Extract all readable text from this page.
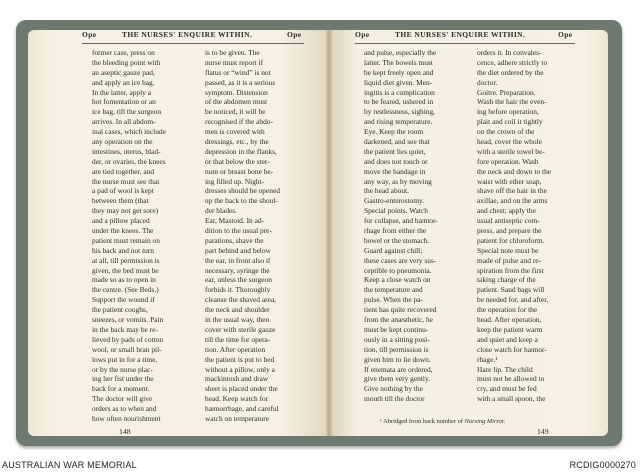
Ope	THE NURSES' ENQUIRE WITHIN.	Ope
former case, press on
the bleeding point with
an aseptic gauze pad,
and apply an ice bag.
In the latter, apply a
hot fomentation or an
ice bag, till the surgeon
arrives. In all abdom-
inal cases, which include
any operation on the
intestines, uterus, blad-
der, or ovaries, the knees
are tied together, and
the nurse must see that
a pad of wool is kept
between them (that
they may not get sore)
and a pillow placed
under the knees. The
patient must remain on
his back and not turn
at all, till permission is
given, the bed must be
made so as to open in
the centre. (See Beds.)
Support the wound if
the patient coughs,
sneezes, or vomits. Pain
in the back may be re-
lieved by pads of cotton
wool, or small bran pil-
lows put in for a time,
or by the nurse plac-
ing her fist under the
back for a moment.
The doctor will give
orders as to when and
how often nourishment
is to be given. The
nurse must report if
flatus or “wind” is not
passed, as it is a serious
symptom. Distension
of the abdomen must
be noticed, it will be
recognised if the abdo-
men is covered with
dressings, etc., by the
depression in the flanks,
or that below the ster-
num or breast bone be-
ing filled up. Night-
dresses should be opened
up the back to the shoul-
der blades.
Ear, Mastoid. In ad-
dition to the usual pre-
parations, shave the
part behind and below
the ear, in front also if
necessary, syringe the
ear, unless the surgeon
forbids it. Thoroughly
cleanse the shaved area,
the neck and shoulder
in the usual way, then
cover with sterile gauze
till the time for opera-
tion. After operation
the patient is put to bed
without a pillow, only a
mackintosh and draw
sheet is placed under the
head. Keep watch for
hæmorrhage, and careful
watch on temperature
148
Ope	THE NURSES' ENQUIRE WITHIN.	Ope
and pulse, especially the
latter. The bowels must
be kept freely open and
liquid diet given. Men-
ingitis is a complication
to be feared, ushered in
by restlessness, sighing,
and rising temperature.
Eye. Keep the room
darkened, and see that
the patient lies quiet,
and does not touch or
move the bandage in
any way, as by moving
the head about.
Gastro-enterostomy.
Special points. Watch
for collapse, and hæmor-
rhage from either the
bowel or the stomach.
Guard against chill;
these cases are very sus-
ceptible to pneumonia.
Keep a close watch on
the temperature and
pulse. When the pa-
tient has quite recovered
from the anæsthetic, he
must be kept continu-
ously in a sitting posi-
tion, till permission is
given him to lie down.
If enemata are ordered,
give them very gently.
Give nothing by the
mouth till the doctor
orders it. In convales-
cence, adhere strictly to
the diet ordered by the
doctor.
Goitre. Preparation.
Wash the hair the even-
ing before operation,
plait and coil it tightly
on the crown of the
head, cover the whole
with a sterile towel be-
fore operation. Wash
the neck and down to the
waist with ether soap,
shave off the hair in the
axillae, and on the arms
and chest; apply the
usual antiseptic com-
press, and prepare the
patient for chloroform.
Special note must be
made of pulse and re-
spiration from the first
taking charge of the
patient. Sand bags will
be needed for, and after,
the operation for the
head. After operation,
keep the patient warm
and quiet and keep a
close watch for hæmor-
rhage.¹
Hare lip. The child
must not be allowed to
cry, and must be fed
with a small spoon, the
¹ Abridged from back number of Nursing Mirror.
149
AUSTRALIAN WAR MEMORIAL	RCDIG0000270
